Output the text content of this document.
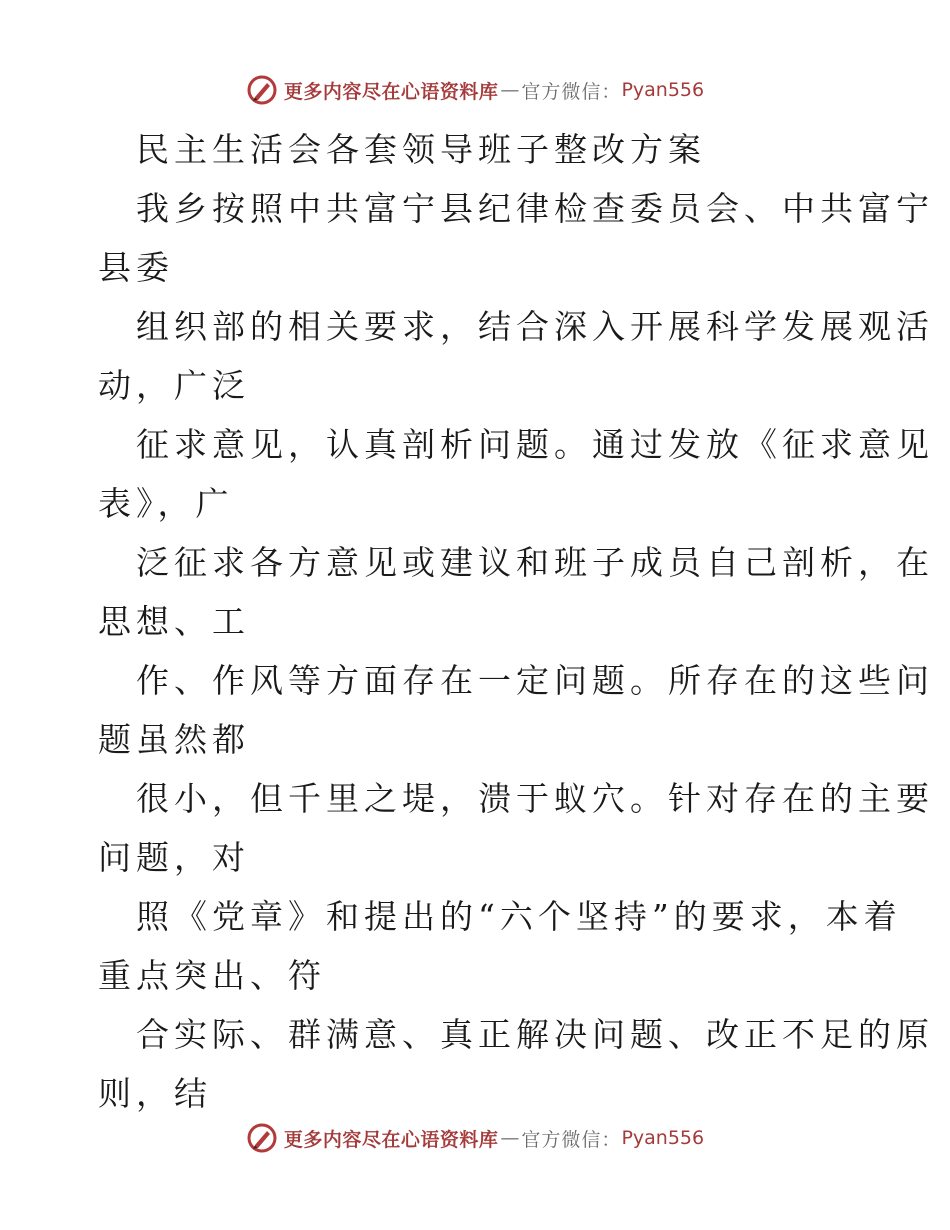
更多内容尽在心语资料库 — 官方微信： Pyan556
民主生活会各套领导班子整改方案
我乡按照中共富宁县纪律检查委员会、中共富宁
县委
组织部的相关要求，结合深入开展科学发展观活
动，广泛
征求意见，认真剖析问题。通过发放《征求意见
表》，广
泛征求各方意见或建议和班子成员自己剖析，在
思想、工
作、作风等方面存在一定问题。所存在的这些问
题虽然都
很小，但千里之堤，溃于蚁穴。针对存在的主要
问题，对
照《党章》和提出的“六个坚持”的要求，本着
重点突出、符
合实际、群满意、真正解决问题、改正不足的原
则，结
更多内容尽在心语资料库 — 官方微信： Pyan556
